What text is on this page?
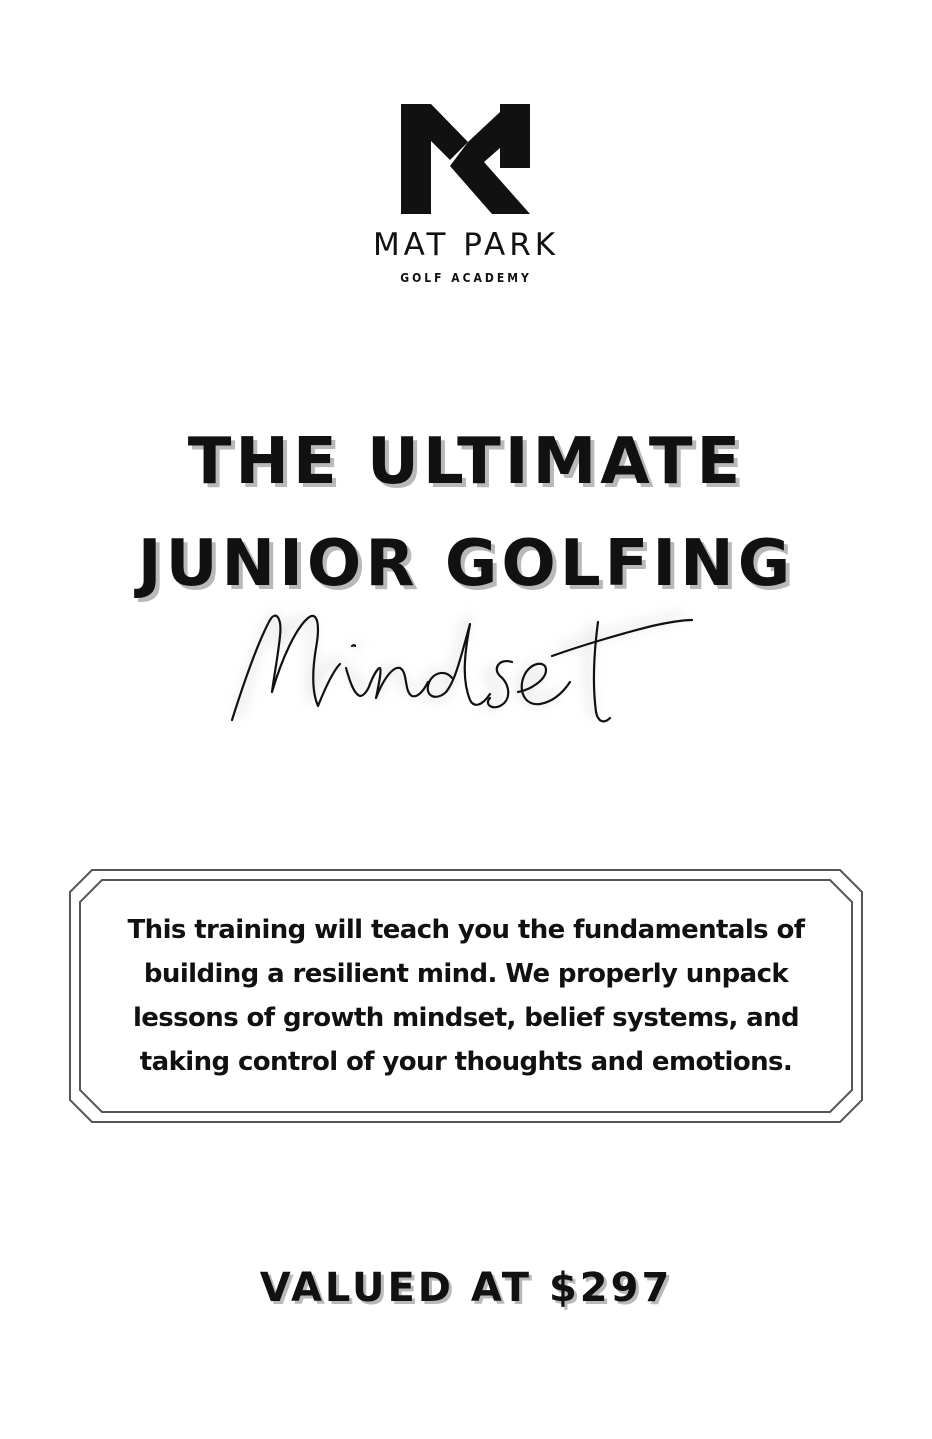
MAT PARK
GOLF ACADEMY
THE ULTIMATE
JUNIOR GOLFING
This training will teach you the fundamentals of building a resilient mind. We properly unpack lessons of growth mindset, belief systems, and taking control of your thoughts and emotions.
VALUED AT $297
